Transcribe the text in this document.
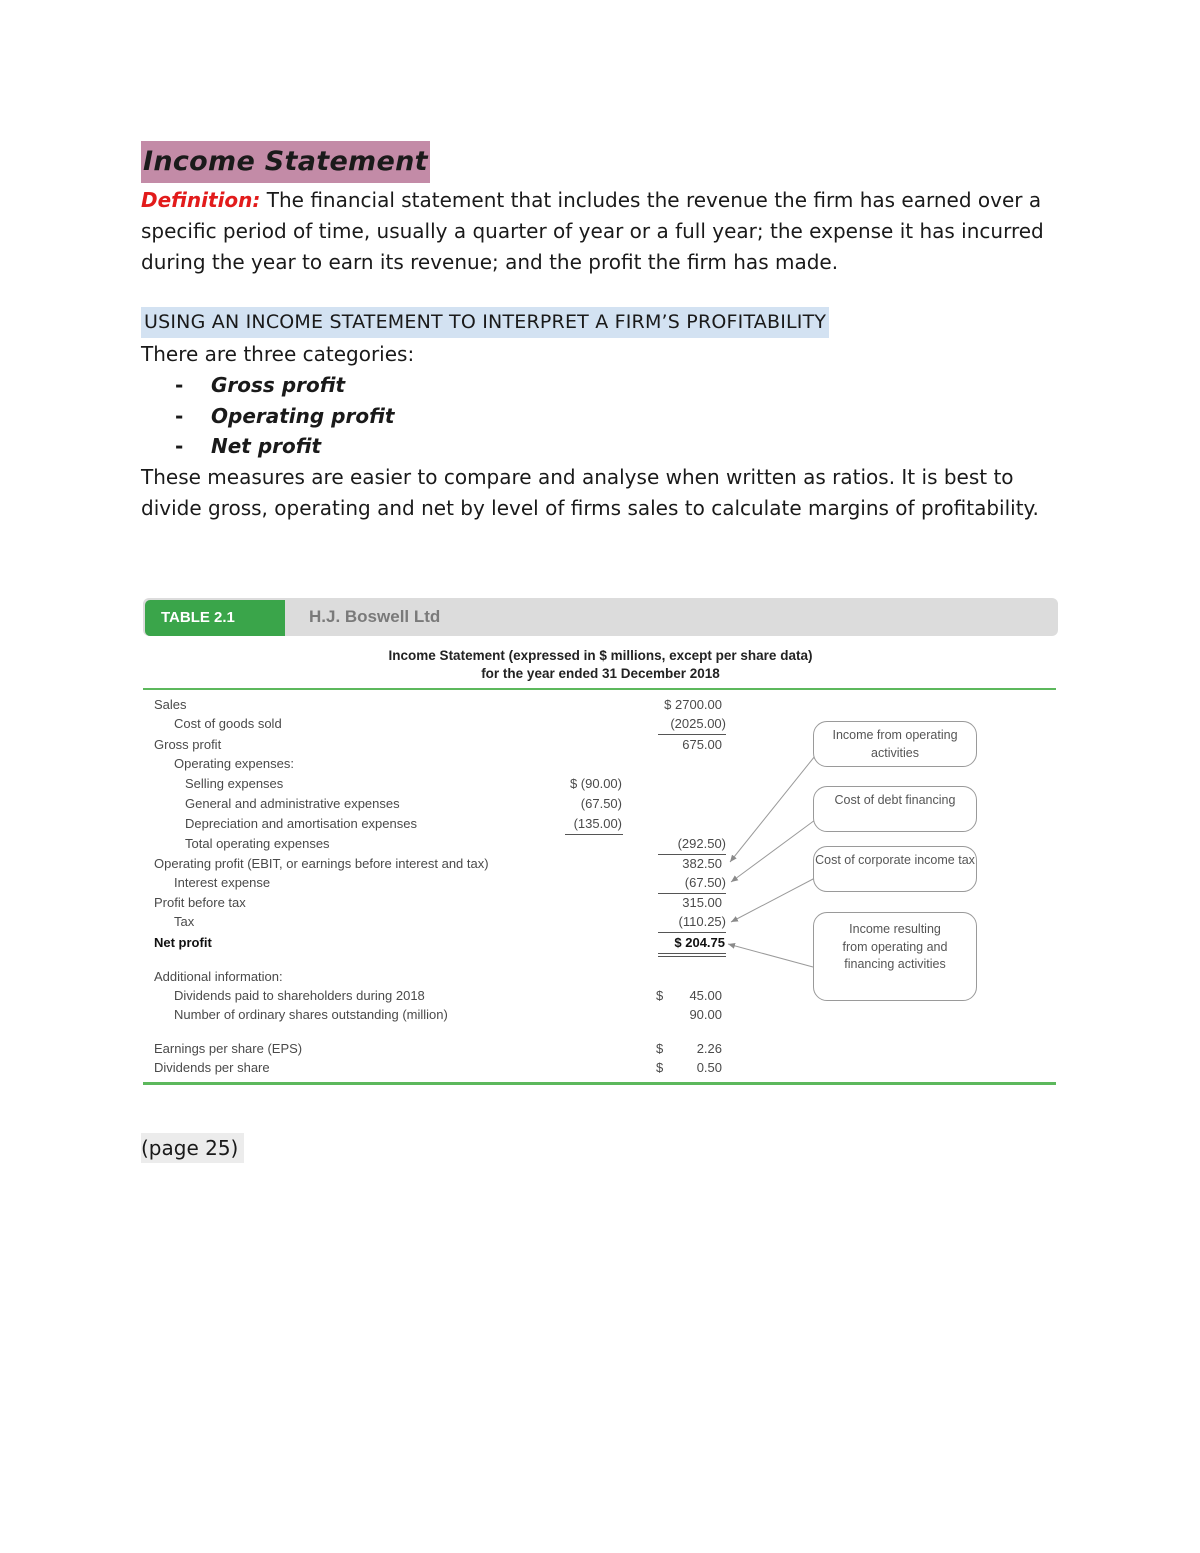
Income Statement
Definition: The financial statement that includes the revenue the firm has earned over a specific period of time, usually a quarter of year or a full year; the expense it has incurred during the year to earn its revenue; and the profit the firm has made.
USING AN INCOME STATEMENT TO INTERPRET A FIRM’S PROFITABILITY
There are three categories:
- Gross profit
- Operating profit
- Net profit
These measures are easier to compare and analyse when written as ratios. It is best to divide gross, operating and net by level of firms sales to calculate margins of profitability.
TABLE 2.1	H.J. Boswell Ltd
Income Statement (expressed in $ millions, except per share data)
for the year ended 31 December 2018
Sales	$ 2700.00
Cost of goods sold	(2025.00)
Gross profit	675.00
Operating expenses:
Selling expenses	$ (90.00)
General and administrative expenses	(67.50)
Depreciation and amortisation expenses	(135.00)
Total operating expenses	(292.50)
Operating profit (EBIT, or earnings before interest and tax)	382.50
Interest expense	(67.50)
Profit before tax	315.00
Tax	(110.25)
Net profit	$ 204.75
Additional information:
Dividends paid to shareholders during 2018	$ 45.00
Number of ordinary shares outstanding (million)	90.00
Earnings per share (EPS)	$	2.26
Dividends per share	$	0.50
Income from operating activities
Cost of debt financing
Cost of corporate income tax
Income resulting from operating and financing activities
(page 25)
